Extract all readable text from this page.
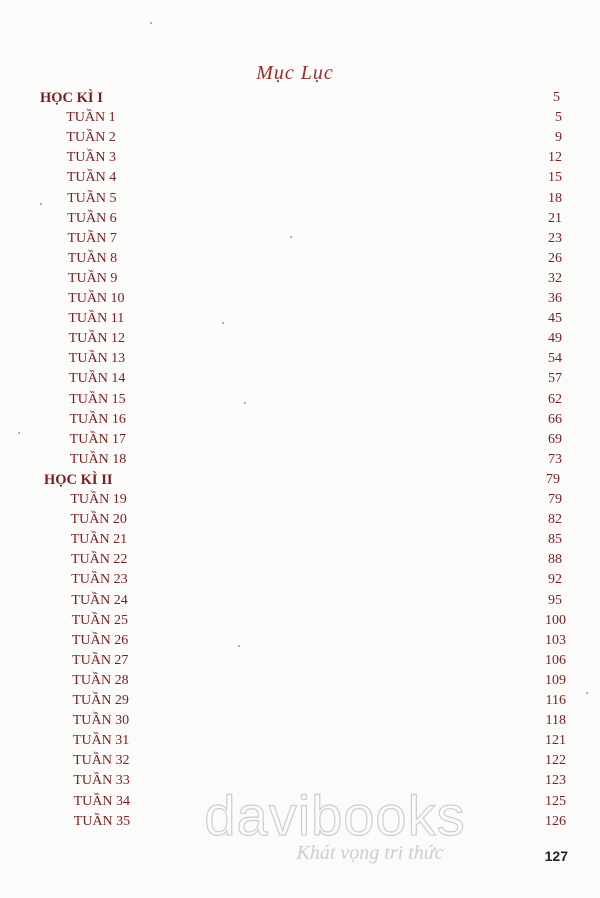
Mục Lục
HỌC KÌ I	5
TUẦN 1	5
TUẦN 2	9
TUẦN 3	12
TUẦN 4	15
TUẦN 5	18
TUẦN 6	21
TUẦN 7	23
TUẦN 8	26
TUẦN 9	32
TUẦN 10	36
TUẦN 11	45
TUẦN 12	49
TUẦN 13	54
TUẦN 14	57
TUẦN 15	62
TUẦN 16	66
TUẦN 17	69
TUẦN 18	73
HỌC KÌ II	79
TUẦN 19	79
TUẦN 20	82
TUẦN 21	85
TUẦN 22	88
TUẦN 23	92
TUẦN 24	95
TUẦN 25	100
TUẦN 26	103
TUẦN 27	106
TUẦN 28	109
TUẦN 29	116
TUẦN 30	118
TUẦN 31	121
TUẦN 32	122
TUẦN 33	123
TUẦN 34	125
TUẦN 35	126
davibooks
Khát vọng tri thức	127
